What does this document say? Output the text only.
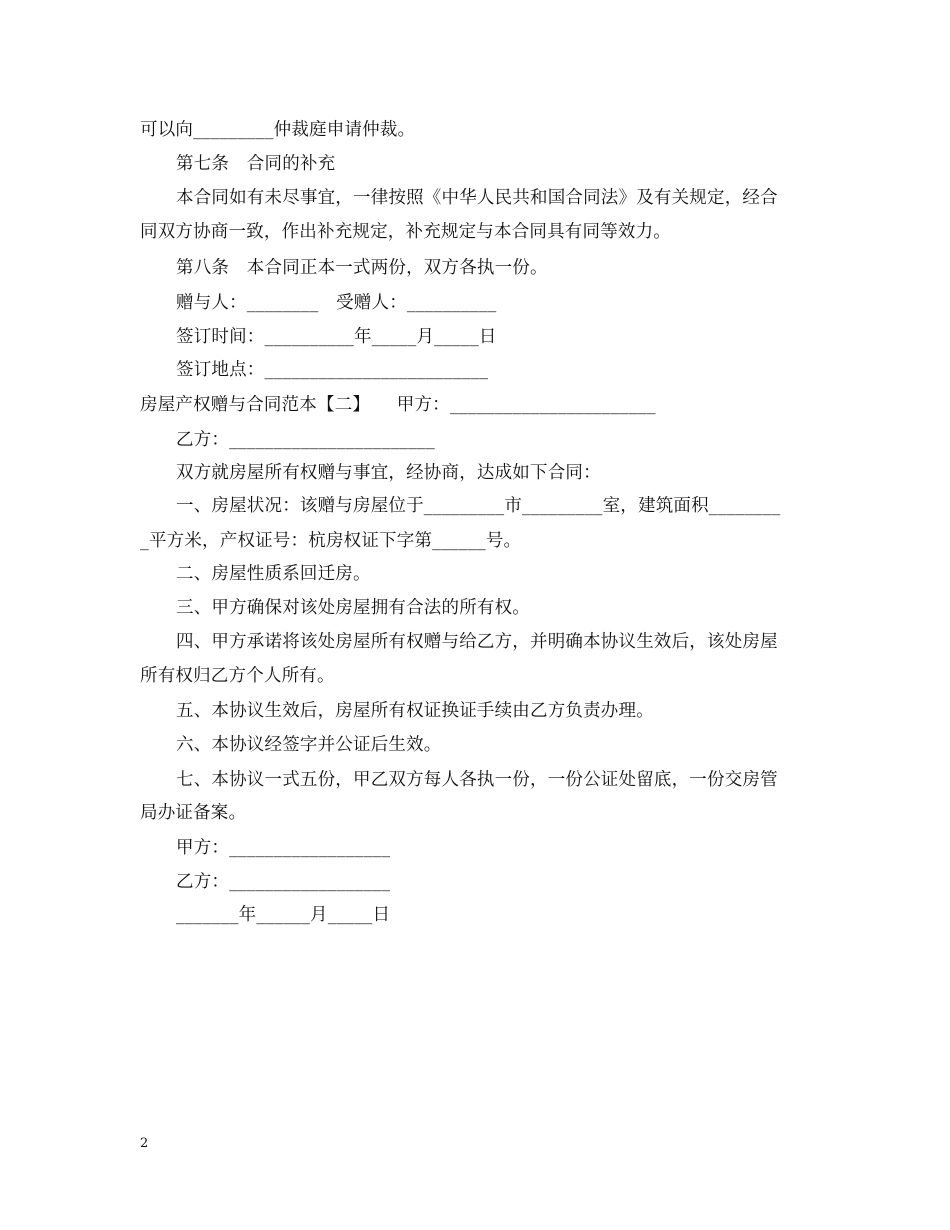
可以向_________仲裁庭申请仲裁。
第七条　合同的补充
本合同如有未尽事宜，一律按照《中华人民共和国合同法》及有关规定，经合
同双方协商一致，作出补充规定，补充规定与本合同具有同等效力。
第八条　本合同正本一式两份，双方各执一份。
赠与人：________　受赠人：__________
签订时间：__________年_____月_____日
签订地点：_________________________
房屋产权赠与合同范本【二】　　甲方：_______________________
乙方：_______________________
双方就房屋所有权赠与事宜，经协商，达成如下合同：
一、房屋状况：该赠与房屋位于_________市_________室，建筑面积________
_平方米，产权证号：杭房权证下字第______号。
二、房屋性质系回迁房。
三、甲方确保对该处房屋拥有合法的所有权。
四、甲方承诺将该处房屋所有权赠与给乙方，并明确本协议生效后，该处房屋
所有权归乙方个人所有。
五、本协议生效后，房屋所有权证换证手续由乙方负责办理。
六、本协议经签字并公证后生效。
七、本协议一式五份，甲乙双方每人各执一份，一份公证处留底，一份交房管
局办证备案。
甲方：__________________
乙方：__________________
_______年______月_____日
2
